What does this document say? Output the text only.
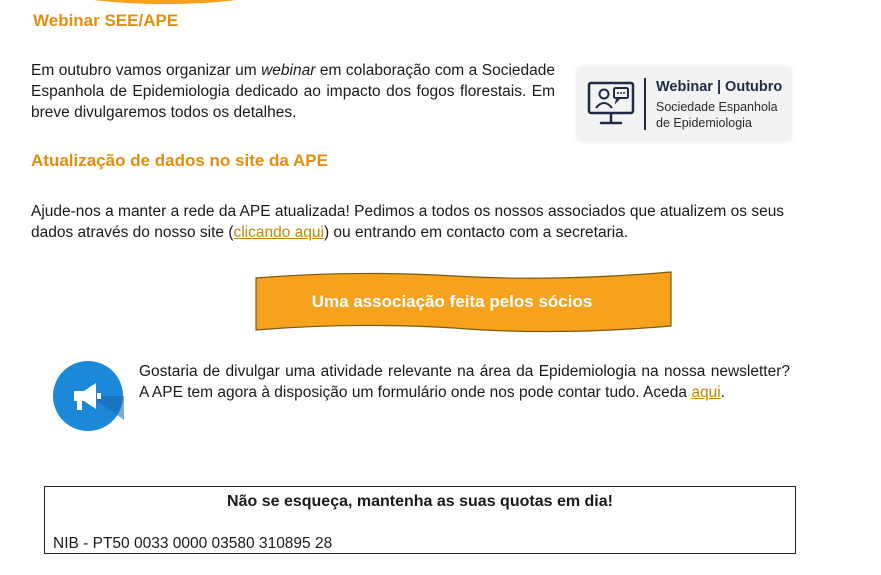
Webinar SEE/APE

Em outubro vamos organizar um webinar em colaboração com a Sociedade Espanhola de Epidemiologia dedicado ao impacto dos fogos florestais. Em breve divulgaremos todos os detalhes.

Webinar | Outubro
Sociedade Espanhola de Epidemiologia
Atualização de dados no site da APE

Ajude-nos a manter a rede da APE atualizada! Pedimos a todos os nossos associados que atualizem os seus dados através do nosso site (clicando aqui) ou entrando em contacto com a secretaria.

Uma associação feita pelos sócios

Gostaria de divulgar uma atividade relevante na área da Epidemiologia na nossa newsletter? A APE tem agora à disposição um formulário onde nos pode contar tudo. Aceda aqui.

Não se esqueça, mantenha as suas quotas em dia!
NIB - PT50 0033 0000 03580 310895 28
